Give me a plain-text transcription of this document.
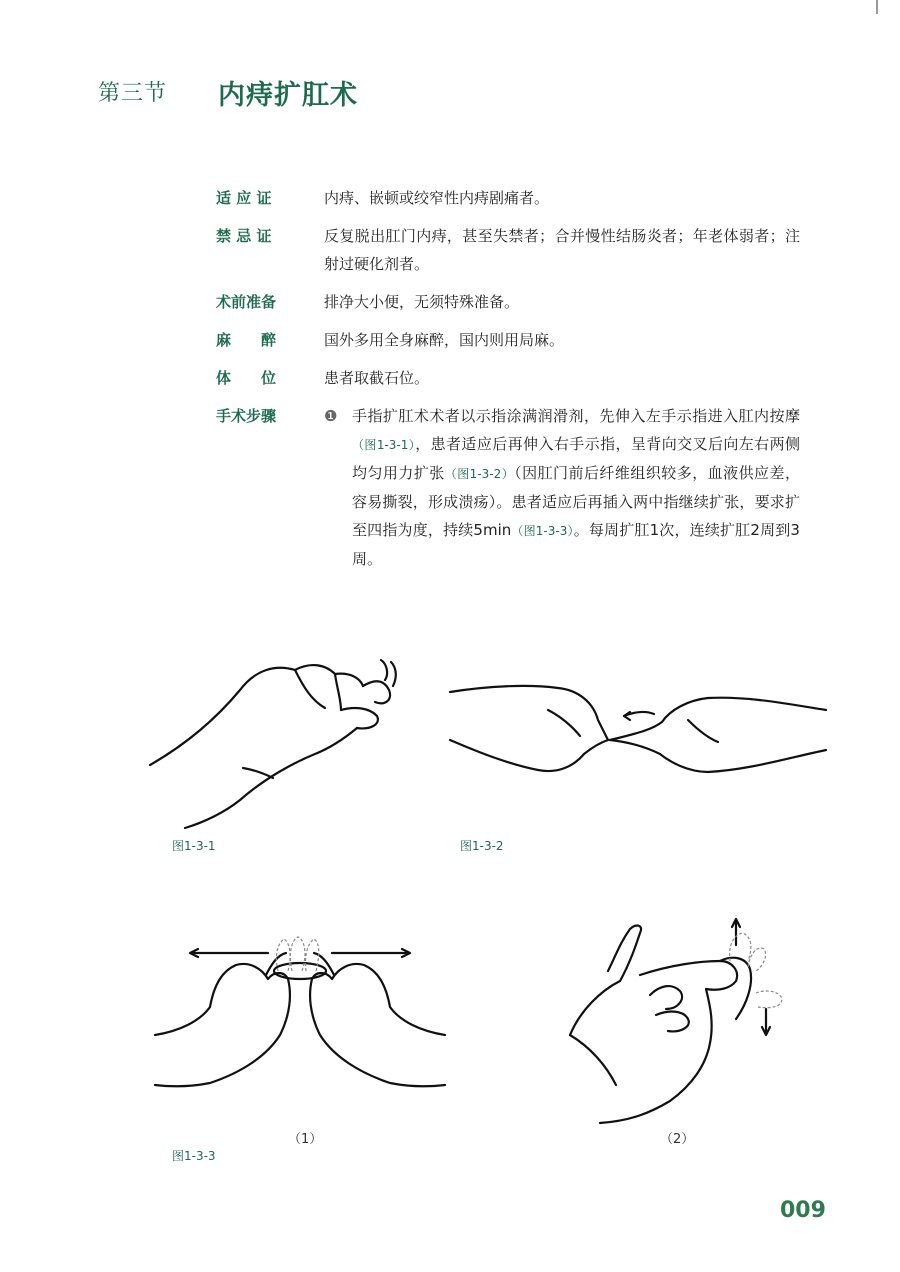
第三节 内痔扩肛术
适 应 证	内痔、嵌顿或绞窄性内痔剧痛者。
禁 忌 证	反复脱出肛门内痔，甚至失禁者；合并慢性结肠炎者；年老体弱者；注射过硬化剂者。
术前准备	排净大小便，无须特殊准备。
麻　　醉	国外多用全身麻醉，国内则用局麻。
体　　位	患者取截石位。
手术步骤	❶ 手指扩肛术术者以示指涂满润滑剂，先伸入左手示指进入肛内按摩（图1-3-1），患者适应后再伸入右手示指，呈背向交叉后向左右两侧均匀用力扩张（图1-3-2）（因肛门前后纤维组织较多，血液供应差，容易撕裂，形成溃疡）。患者适应后再插入两中指继续扩张，要求扩至四指为度，持续5min（图1-3-3）。每周扩肛1次，连续扩肛2周到3周。
图1-3-1	图1-3-2
（1）
图1-3-3
（2）
009
